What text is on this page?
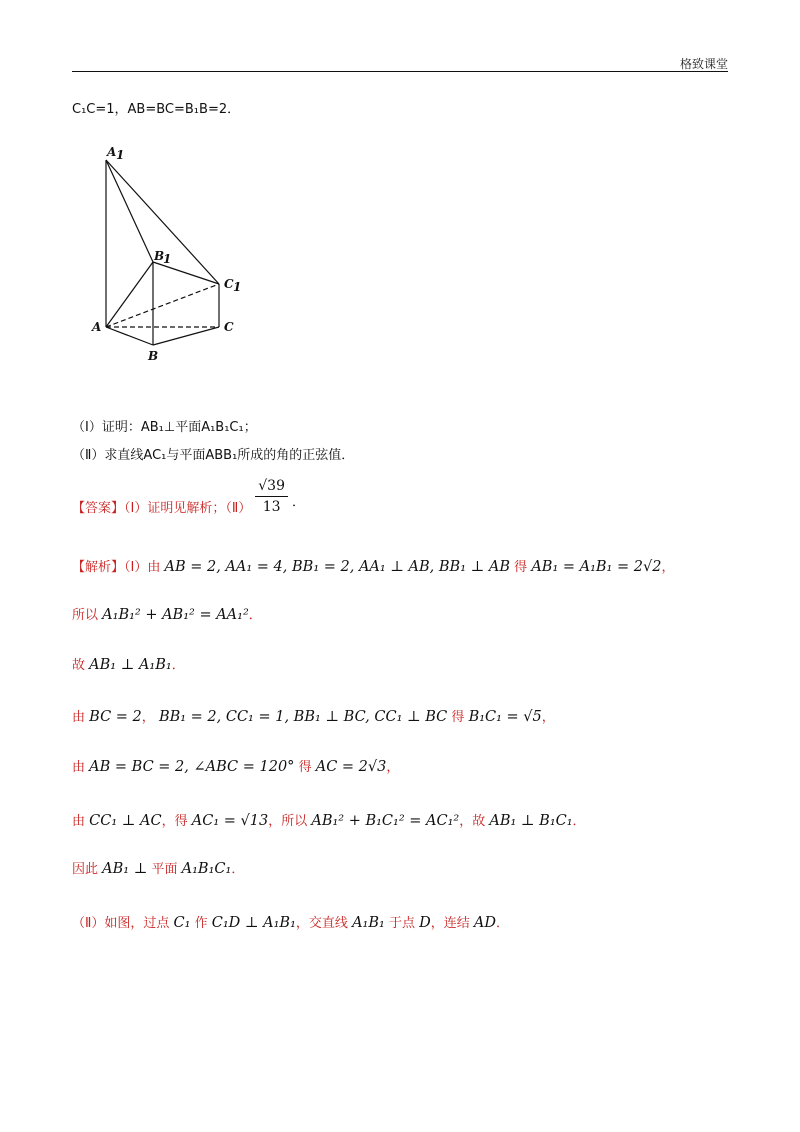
格致课堂
C₁C=1，AB=BC=B₁B=2．
A 1
B
1
C 1
A
B
C
（Ⅰ）证明：AB₁⊥平面A₁B₁C₁；
（Ⅱ）求直线AC₁与平面ABB₁所成的角的正弦值．
【答案】（Ⅰ）证明见解析；（Ⅱ） $\frac{√39}{13}$ ．
【解析】（Ⅰ）由 AB = 2, AA₁ = 4, BB₁ = 2, AA₁ ⊥ AB, BB₁ ⊥ AB 得 AB₁ = A₁B₁ = 2√2，
所以 A₁B₁² + AB₁² = AA₁²．
故 AB₁ ⊥ A₁B₁．
由 BC = 2， BB₁ = 2, CC₁ = 1, BB₁ ⊥ BC, CC₁ ⊥ BC 得 B₁C₁ = √5，
由 AB = BC = 2, ∠ABC = 120° 得 AC = 2√3，
由 CC₁ ⊥ AC，得 AC₁ = √13，所以 AB₁² + B₁C₁² = AC₁²，故 AB₁ ⊥ B₁C₁．
因此 AB₁ ⊥ 平面 A₁B₁C₁．
（Ⅱ）如图，过点 C₁ 作 C₁D ⊥ A₁B₁，交直线 A₁B₁ 于点 D，连结 AD．
